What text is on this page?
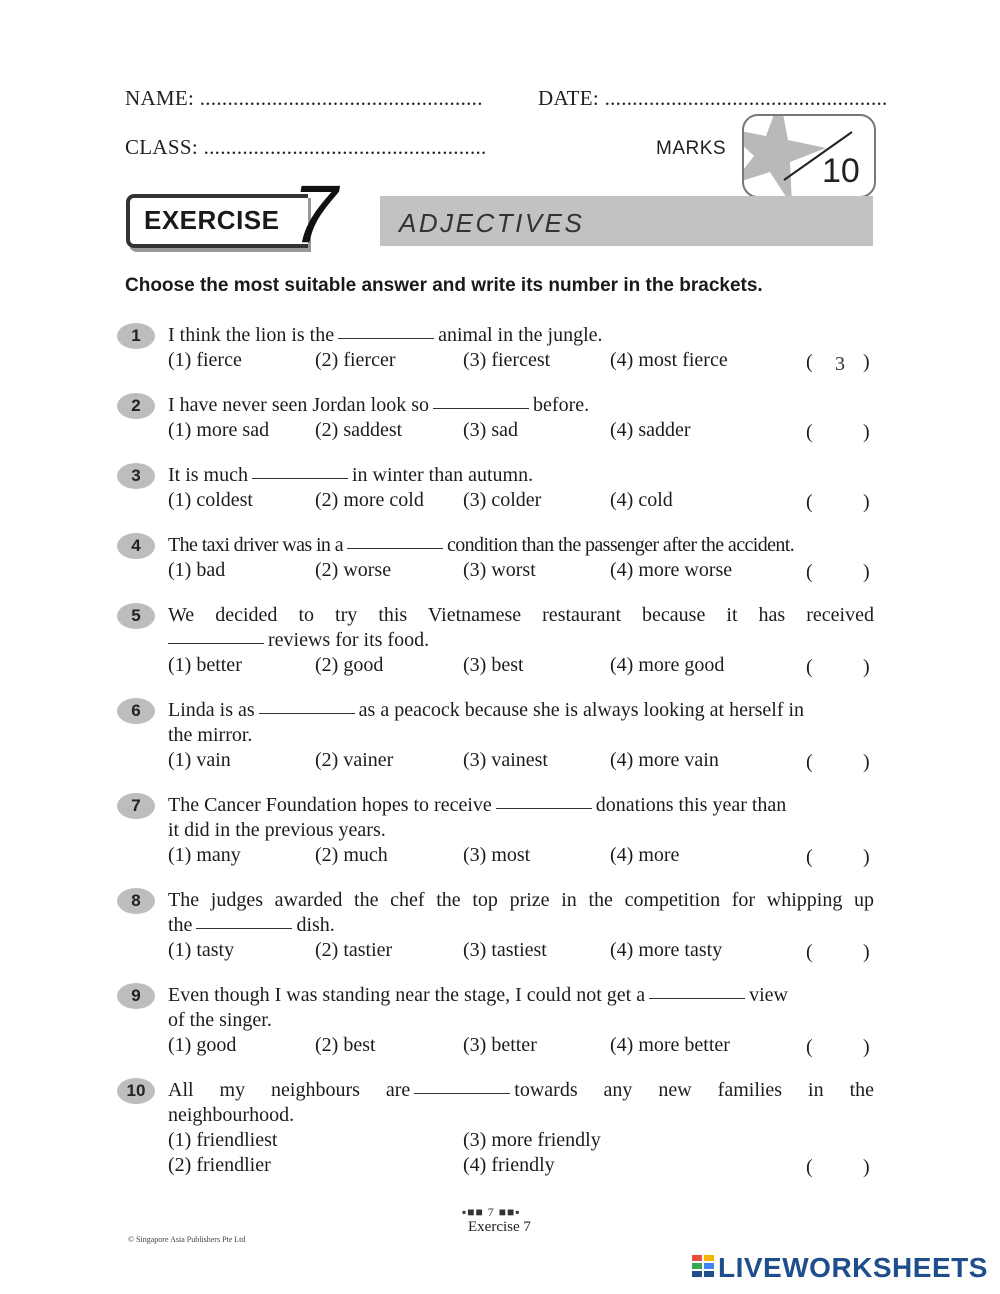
NAME: ...................................................	DATE: ...................................................
CLASS: ...................................................	MARKS
10
EXERCISE 7 ADJECTIVES
Choose the most suitable answer and write its number in the brackets.
1	I think the lion is the	animal in the jungle.
(1) fierce	(2) fiercer	(3) fiercest	(4) most fierce	(	3 )
2	I have never seen Jordan look so	before.
(1) more sad (2) saddest	(3) sad	(4) sadder	(	)
3	It is much	in winter than autumn.
(1) coldest	(2) more cold (3) colder	(4) cold	(	)
4	The taxi driver was in a	condition than the passenger after the accident.
(1) bad	(2) worse	(3) worst	(4) more worse	(	)
5	We decided to try this Vietnamese restaurant because it has received
reviews for its food.
(1) better	(2) good	(3) best	(4) more good	(	)
6	Linda is as	as a peacock because she is always looking at herself in
the mirror.
(1) vain	(2) vainer	(3) vainest	(4) more vain	(	)
7	The Cancer Foundation hopes to receive	donations this year than
it did in the previous years.
(1) many	(2) much	(3) most	(4) more	(	)
8	The judges awarded the chef the top prize in the competition for whipping up
the	dish.
(1) tasty	(2) tastier	(3) tastiest	(4) more tasty	(	)
9	Even though I was standing near the stage, I could not get a	view
of the singer.
(1) good	(2) best	(3) better	(4) more better	(	)
10	All my neighbours are	towards any new families in the
neighbourhood.
(1) friendliest	(3) more friendly
(2) friendlier	(4) friendly	(	)
▪■■ 7 ■■▪
Exercise 7
© Singapore Asia Publishers Pte Ltd
LIVEWORKSHEETS
